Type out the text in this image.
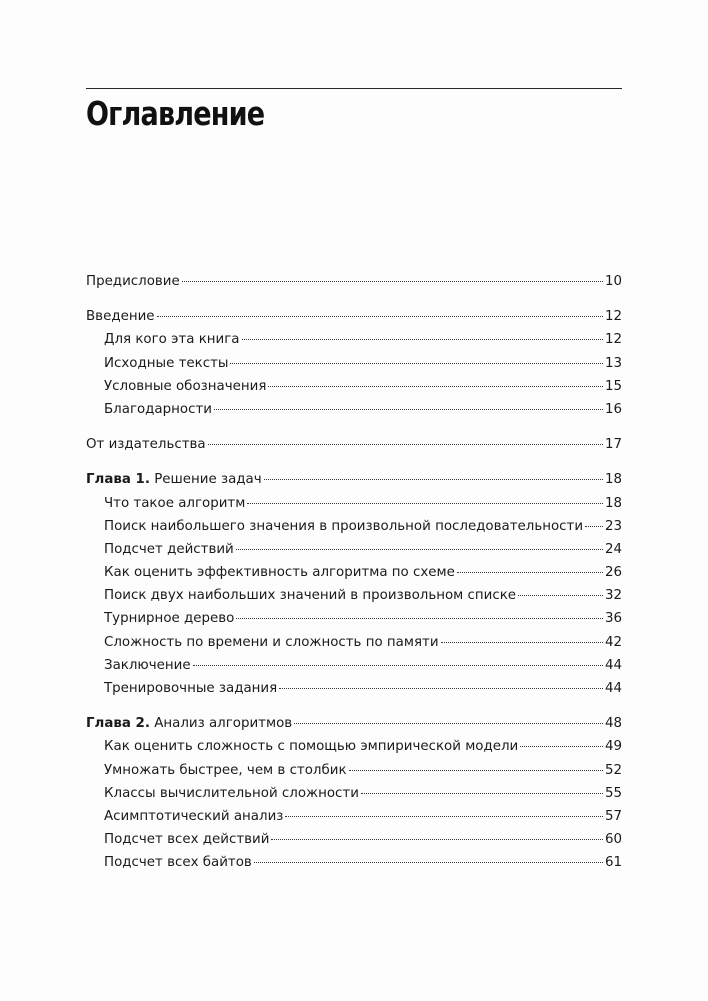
Оглавление
Предисловие	10
Введение	12
Для кого эта книга	12
Исходные тексты	13
Условные обозначения	15
Благодарности	16
От издательства	17
Глава 1. Решение задач	18
Что такое алгоритм	18
Поиск наибольшего значения в произвольной последовательности 23
Подсчет действий	24
Как оценить эффективность алгоритма по схеме	26
Поиск двух наибольших значений в произвольном списке	32
Турнирное дерево	36
Сложность по времени и сложность по памяти	42
Заключение	44
Тренировочные задания	44
Глава 2. Анализ алгоритмов	48
Как оценить сложность с помощью эмпирической модели	49
Умножать быстрее, чем в столбик	52
Классы вычислительной сложности	55
Асимптотический анализ	57
Подсчет всех действий	60
Подсчет всех байтов	61
